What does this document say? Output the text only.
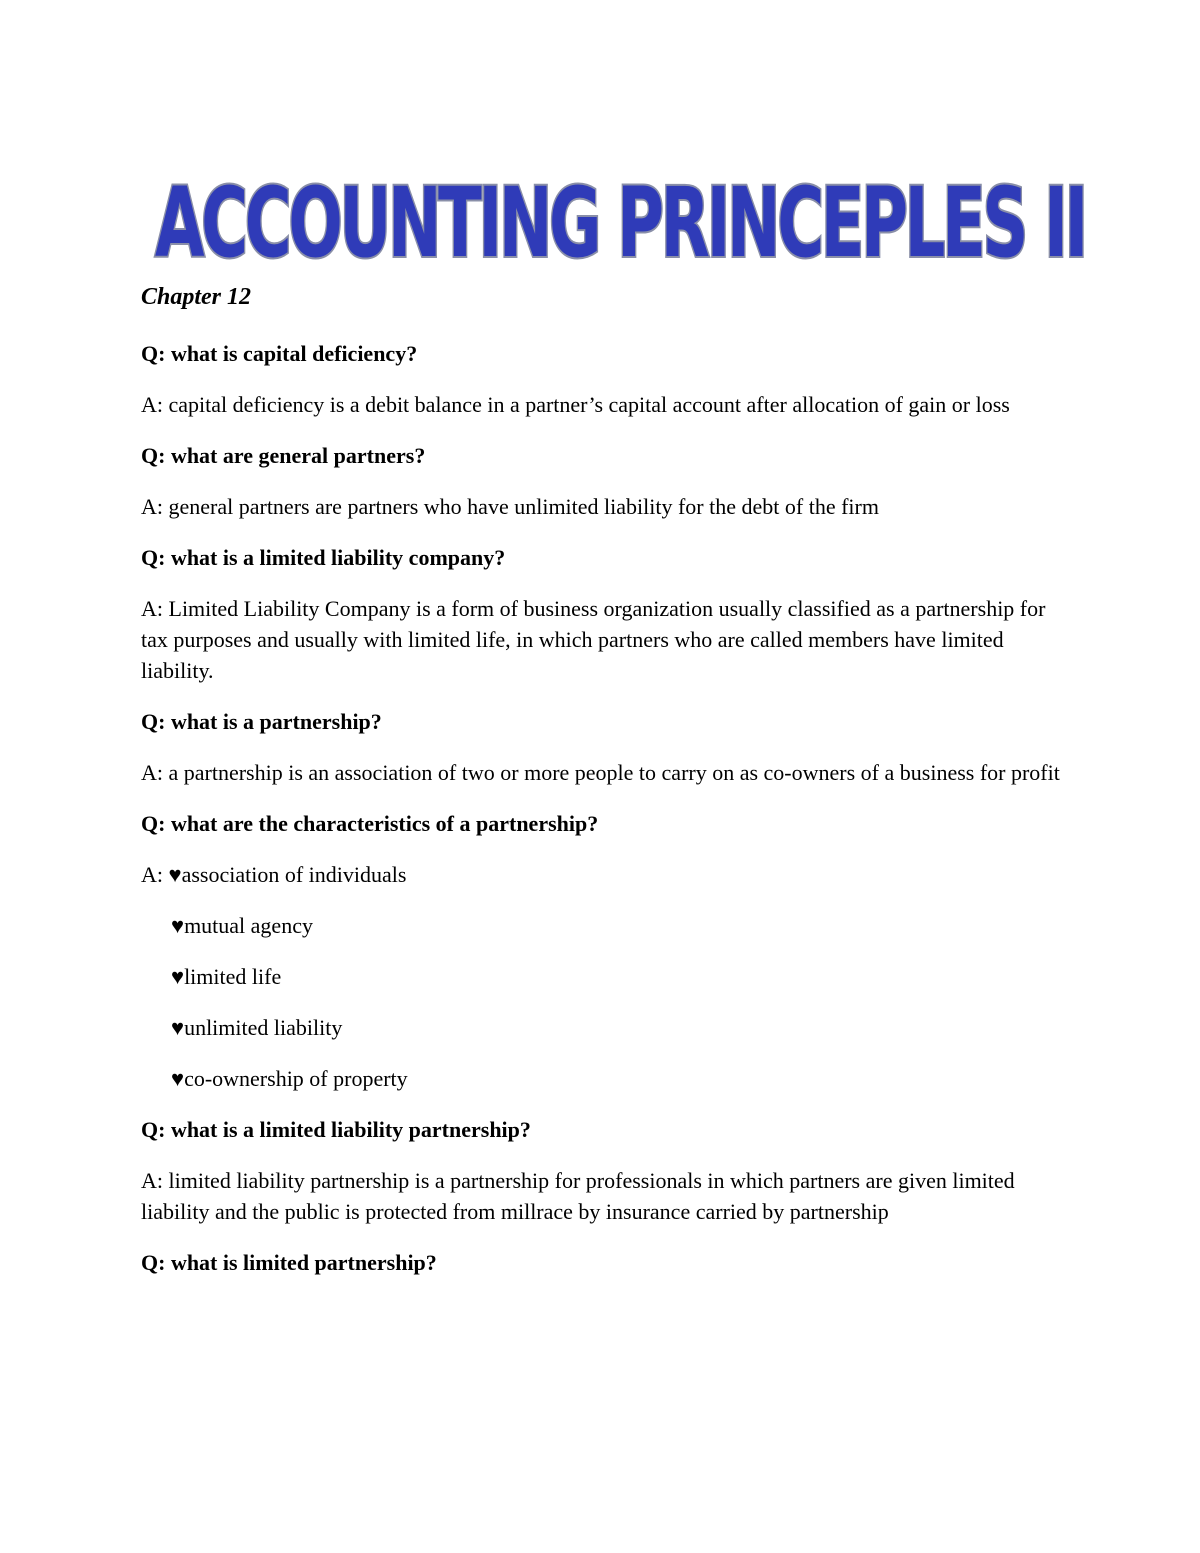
ACCOUNTING PRINCEPLES II

Chapter 12

Q: what is capital deficiency?

A: capital deficiency is a debit balance in a partner’s capital account after allocation of gain or loss

Q: what are general partners?

A: general partners are partners who have unlimited liability for the debt of the firm

Q: what is a limited liability company?

A: Limited Liability Company is a form of business organization usually classified as a partnership for tax purposes and usually with limited life, in which partners who are called members have limited liability.

Q: what is a partnership?

A: a partnership is an association of two or more people to carry on as co-owners of a business for profit

Q: what are the characteristics of a partnership?

A: ♥association of individuals

♥mutual agency

♥limited life

♥unlimited liability

♥co-ownership of property

Q: what is a limited liability partnership?

A: limited liability partnership is a partnership for professionals in which partners are given limited liability and the public is protected from millrace by insurance carried by partnership

Q: what is limited partnership?
